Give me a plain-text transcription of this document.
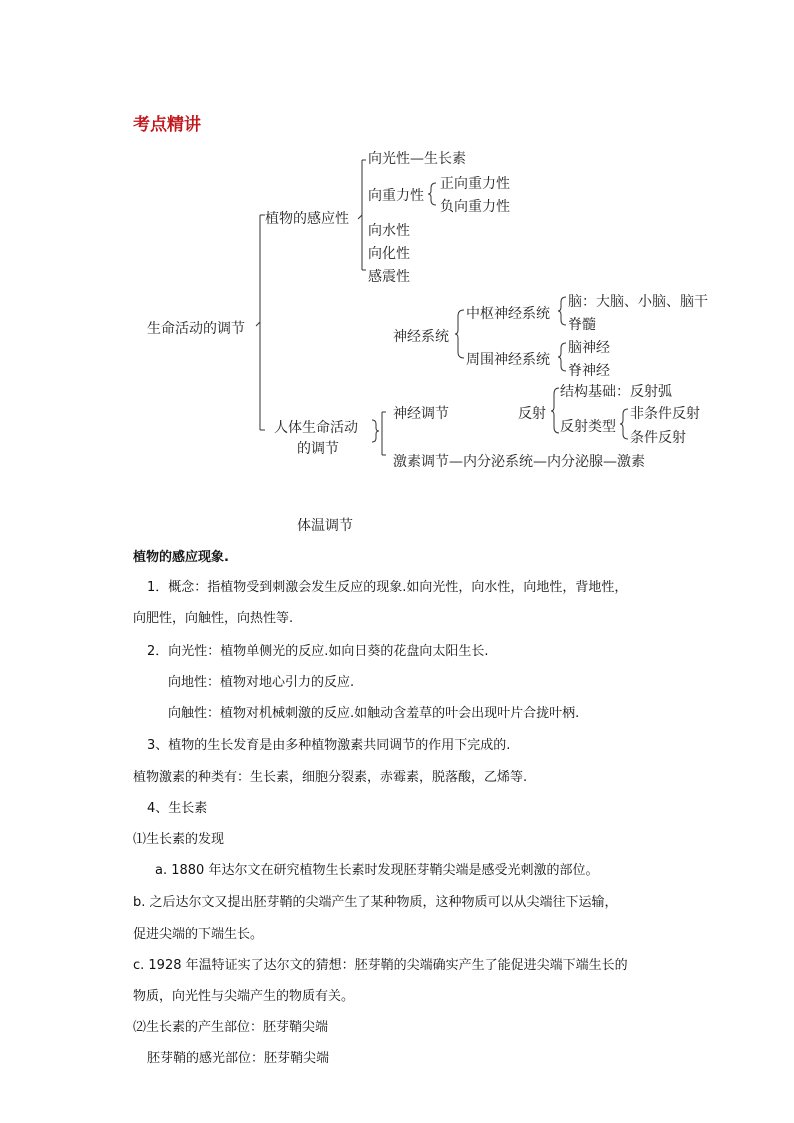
考点精讲
生命活动的调节
植物的感应性
向光性—生长素
向重力性
正向重力性
负向重力性
向水性
向化性
感震性
神经系统
中枢神经系统
脑：大脑、小脑、脑干
脊髓
周围神经系统
脑神经
脊神经
人体生命活动
的调节
神经调节	反射
结构基础：反射弧
反射类型
非条件反射
条件反射
激素调节—内分泌系统—内分泌腺—激素
体温调节
植物的感应现象.
1．概念：指植物受到刺激会发生反应的现象.如向光性，向水性，向地性，背地性，
向肥性，向触性，向热性等.
2．向光性：植物单侧光的反应.如向日葵的花盘向太阳生长.
向地性：植物对地心引力的反应.
向触性：植物对机械刺激的反应.如触动含羞草的叶会出现叶片合拢叶柄.
3、植物的生长发育是由多种植物激素共同调节的作用下完成的.
植物激素的种类有：生长素，细胞分裂素，赤霉素，脱落酸，乙烯等.
4、生长素
⑴生长素的发现
a. 1880 年达尔文在研究植物生长素时发现胚芽鞘尖端是感受光刺激的部位。
b. 之后达尔文又提出胚芽鞘的尖端产生了某种物质，这种物质可以从尖端往下运输，
促进尖端的下端生长。
c. 1928 年温特证实了达尔文的猜想：胚芽鞘的尖端确实产生了能促进尖端下端生长的
物质，向光性与尖端产生的物质有关。
⑵生长素的产生部位：胚芽鞘尖端
胚芽鞘的感光部位：胚芽鞘尖端
